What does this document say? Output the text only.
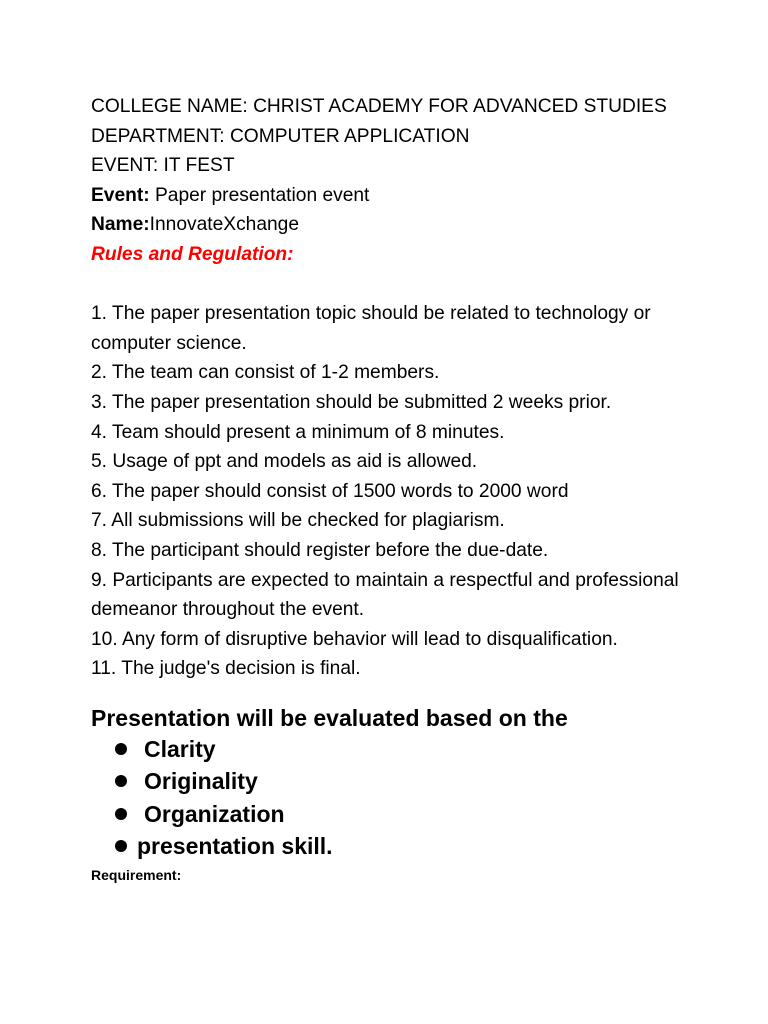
COLLEGE NAME: CHRIST ACADEMY FOR ADVANCED STUDIES
DEPARTMENT: COMPUTER APPLICATION
EVENT: IT FEST
Event: Paper presentation event
Name:InnovateXchange
Rules and Regulation:
1. The paper presentation topic should be related to technology or computer science.
2. The team can consist of 1-2 members.
3. The paper presentation should be submitted 2 weeks prior.
4. Team should present a minimum of 8 minutes.
5. Usage of ppt and models as aid is allowed.
6. The paper should consist of 1500 words to 2000 word
7. All submissions will be checked for plagiarism.
8. The participant should register before the due-date.
9. Participants are expected to maintain a respectful and professional demeanor throughout the event.
10. Any form of disruptive behavior will lead to disqualification.
11. The judge's decision is final.
Presentation will be evaluated based on the
Clarity
Originality
Organization
presentation skill.
Requirement:
